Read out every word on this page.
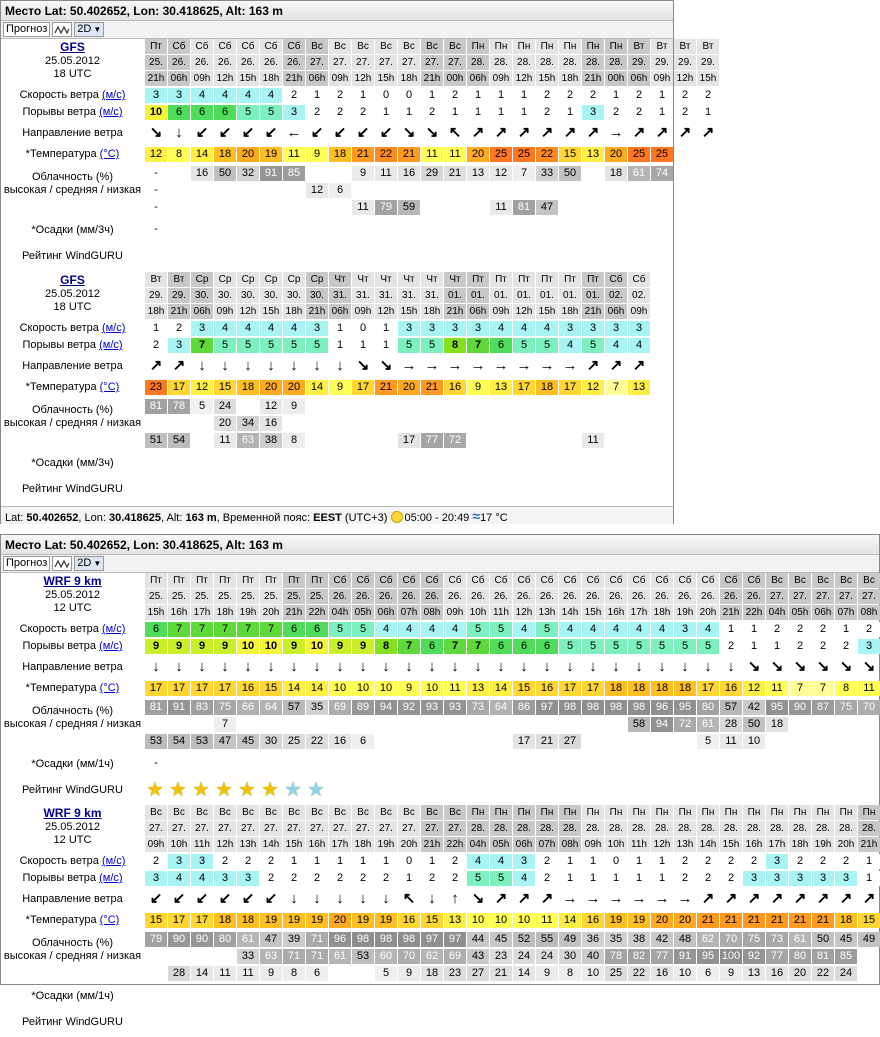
Место Lat: 50.402652, Lon: 30.418625, Alt: 163 m
Прогноз	2D ▼
GFS
25.05.2012
18 UTC
Скорость ветра (м/с)
Порывы ветра (м/с)
Направление ветра
*Температура (°C)
Облачность (%)
высокая / средняя / низкая
*Осадки (мм/3ч)
Рейтинг WindGURU
Пт
25.
21h
3
10
↘
12
-
-
-
-
Сб
26.
06h
3
6
↓
8
Сб
26.
09h
4
6
↙
14
16
Сб
26.
12h
4
6
↙
18
50
Сб
26.
15h
4
5
↙
20
32
Сб
26.
18h
4
5
↙
19
91
Сб
26.
21h
2
3
←
11
85
Вс
27.
06h
1
2
↙
9
12
Вс
27.
09h
2
2
↙
18
6
Вс
27.
12h
1
2
↙
21
9
11
Вс
27.
15h
0
1
↙
22
11
79
Вс
27.
18h
0
1
↘
21
16
59
Вс
27.
21h
1
2
↘
11
29
Вс
27.
00h
2
1
↖
11
21
Пн
28.
06h
1
1
↗
20
13
Пн
28.
09h
1
1
↗
25
12
11
Пн
28.
12h
1
1
↗
25
7
81
Пн
28.
15h
2
2
↗
22
33
47
Пн
28.
18h
2
1
↗
15
50
Пн
28.
21h
2
3
↗
13
Пн
28.
00h
1
2
→
20
18
Вт
29.
06h
2
2
↗
25
61
Вт
29.
09h
1
1
↗
25
74
Вт
29.
12h
2
2
↗
Вт
29.
15h
2
1
↗
GFS
25.05.2012
18 UTC
Скорость ветра (м/с)
Порывы ветра (м/с)
Направление ветра
*Температура (°C)
Облачность (%)
высокая / средняя / низкая
*Осадки (мм/3ч)
Рейтинг WindGURU
Вт
29.
18h
1
2
↗
23
81
51
Вт
29.
21h
2
3
↗
17
78
54
Ср
30.
06h
3
7
↓
12
5
Ср
30.
09h
4
5
↓
15
24
20
11
Ср
30.
12h
4
5
↓
18
34
63
Ср
30.
15h
4
5
↓
20
12
16
38
Ср
30.
18h
4
5
↓
20
9
8
Ср
30.
21h
3
5
↓
14
Чт
31.
06h
1
1
↓
9
Чт
31.
09h
0
1
↘
17
Чт
31.
12h
1
1
↘
21
Чт
31.
15h
3
5
→
20
17
Чт
31.
18h
3
5
→
21
77
Чт
01.
21h
3
8
→
16
72
Пт
01.
06h
3
7
→
9
Пт
01.
09h
4
6
→
13
Пт
01.
12h
4
5
→
17
Пт
01.
15h
4
5
→
18
Пт
01.
18h
3
4
→
17
Пт
01.
21h
3
5
↗
12
11
Сб
02.
06h
3
4
↗
7
Сб
02.
09h
3
4
↗
13
Lat: 50.402652, Lon: 30.418625, Alt: 163 m, Временной пояс: EEST (UTC+3) 05:00 - 20:49 ≈17 °C
Место Lat: 50.402652, Lon: 30.418625, Alt: 163 m
Прогноз	2D ▼
WRF 9 km
25.05.2012
12 UTC
Скорость ветра (м/с)
Порывы ветра (м/с)
Направление ветра
*Температура (°C)
Облачность (%)
высокая / средняя / низкая
*Осадки (мм/1ч)
Рейтинг WindGURU
Пт
25.
15h
6
9
↓
17
81
53
-
Пт
25.
16h
7
9
↓
17
91
54
Пт
25.
17h
7
9
↓
17
83
53
Пт
25.
18h
7
9
↓
17
75
7
47
Пт
25.
19h
7
10
↓
16
66
45
Пт
25.
20h
7
10
↓
15
64
30
Пт
25.
21h
6
9
↓
14
57
25
Пт
25.
22h
6
10
↓
14
35
22
Сб
26.
04h
5
9
↓
10
69
16
Сб
26.
05h
5
9
↓
10
89
6
Сб
26.
06h
4
8
↓
10
94
Сб
26.
07h
4
7
↓
9
92
Сб
26.
08h
4
6
↓
10
93
Сб
26.
09h
4
7
↓
11
93
Сб
26.
10h
5
7
↓
13
73
Сб
26.
11h
5
6
↓
14
64
Сб
26.
12h
4
6
↓
15
86
17
Сб
26.
13h
5
6
↓
16
97
21
Сб
26.
14h
4
5
↓
17
98
27
Сб
26.
15h
4
5
↓
17
98
Сб
26.
16h
4
5
↓
18
98
Сб
26.
17h
4
5
↓
18
98
58
Сб
26.
18h
4
5
↓
18
96
94
Сб
26.
19h
3
5
↓
18
95
72
Сб
26.
20h
4
5
↓
17
80
61
5
Сб
26.
21h
1
2
↓
16
57
28
11
Сб
26.
22h
1
1
↘
12
42
50
10
Вс
27.
04h
2
1
↘
11
95
18
Вс
27.
05h
2
2
↘
7
90
Вс
27.
06h
2
2
↘
7
87
Вс
27.
07h
1
2
↘
8
75
Вс
27.
08h
2
3
↘
11
70
★ ★ ★ ★ ★ ★ ★ ★
WRF 9 km
25.05.2012
12 UTC
Скорость ветра (м/с)
Порывы ветра (м/с)
Направление ветра
*Температура (°C)
Облачность (%)
высокая / средняя / низкая
*Осадки (мм/1ч)
Рейтинг WindGURU
Вс
27.
09h
2
3
↙
15
79
Вс
27.
10h
3
4
↙
17
90
28
Вс
27.
11h
3
4
↙
17
90
14
Вс
27.
12h
2
3
↙
18
80
11
Вс
27.
13h
2
3
↙
18
61
33
11
Вс
27.
14h
2
2
↙
19
47
63
9
Вс
27.
15h
1
2
↓
19
39
71
8
Вс
27.
16h
1
2
↓
19
71
71
6
Вс
27.
17h
1
2
↓
20
96
61
Вс
27.
18h
1
2
↓
19
98
53
Вс
27.
19h
1
2
↓
19
98
60
5
Вс
27.
20h
0
1
↖
16
98
70
9
Вс
27.
21h
1
2
↓
15
97
62
18
Вс
27.
22h
2
2
↑
13
97
69
23
Пн
28.
04h
4
5
↘
10
44
43
27
Пн
28.
05h
4
5
↗
10
45
23
21
Пн
28.
06h
3
4
↗
10
52
24
14
Пн
28.
07h
2
2
↗
11
55
24
9
Пн
28.
08h
1
1
→
14
49
30
8
Пн
28.
09h
1
1
→
16
36
40
10
Пн
28.
10h
0
1
→
19
35
78
25
Пн
28.
11h
1
1
→
19
38
82
22
Пн
28.
12h
1
1
→
20
42
77
16
Пн
28.
13h
2
2
→
20
48
91
10
Пн
28.
14h
2
2
↗
21
62
95
6
Пн
28.
15h
2
2
↗
21
70
100
9
Пн
28.
16h
2
3
↗
21
75
92
13
Пн
28.
17h
3
3
↗
21
73
77
16
Пн
28.
18h
2
3
↗
21
61
80
20
Пн
28.
19h
2
3
↗
21
50
81
22
Пн
28.
20h
2
3
↗
18
45
85
24
Пн
28.
21h
1
1
↗
15
49
